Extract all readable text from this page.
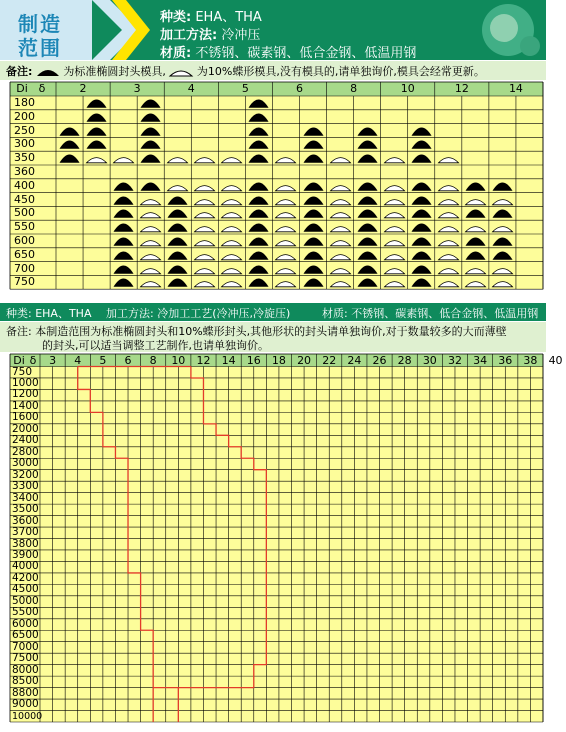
制造
范围
种类: EHA、THA
加工方法: 冷冲压
材质: 不锈钢、碳素钢、低合金钢、低温用钢
备注:	为标准椭圆封头模具,	为10%蝶形模具,没有模具的,请单独询价,模具会经常更新。
Di δ	2	3	4	5	6	8	10	12	14
180
200
250
300
350
360
400
450
500
550
600
650
700
750
种类: EHA、THA 加工方法: 冷加工工艺(冷冲压,冷旋压)	材质: 不锈钢、碳素钢、低合金钢、低温用钢
备注: 本制造范围为标准椭圆封头和10%蝶形封头,其他形状的封头请单独询价,对于数量较多的大而薄壁
的封头,可以适当调整工艺制作,也请单独询价。
Di δ	3	4	5	6	8	10 12 14 16 18 20 22 24 26 28 30 32 34 36 38 40
750
1000
1200
1400
1600
2000
2400
2800
3000
3200
3300
3400
3500
3600
3700
3800
3900
4000
4200
4500
5000
5500
6000
6500
7000
7500
8000
8500
8800
9000
10000
